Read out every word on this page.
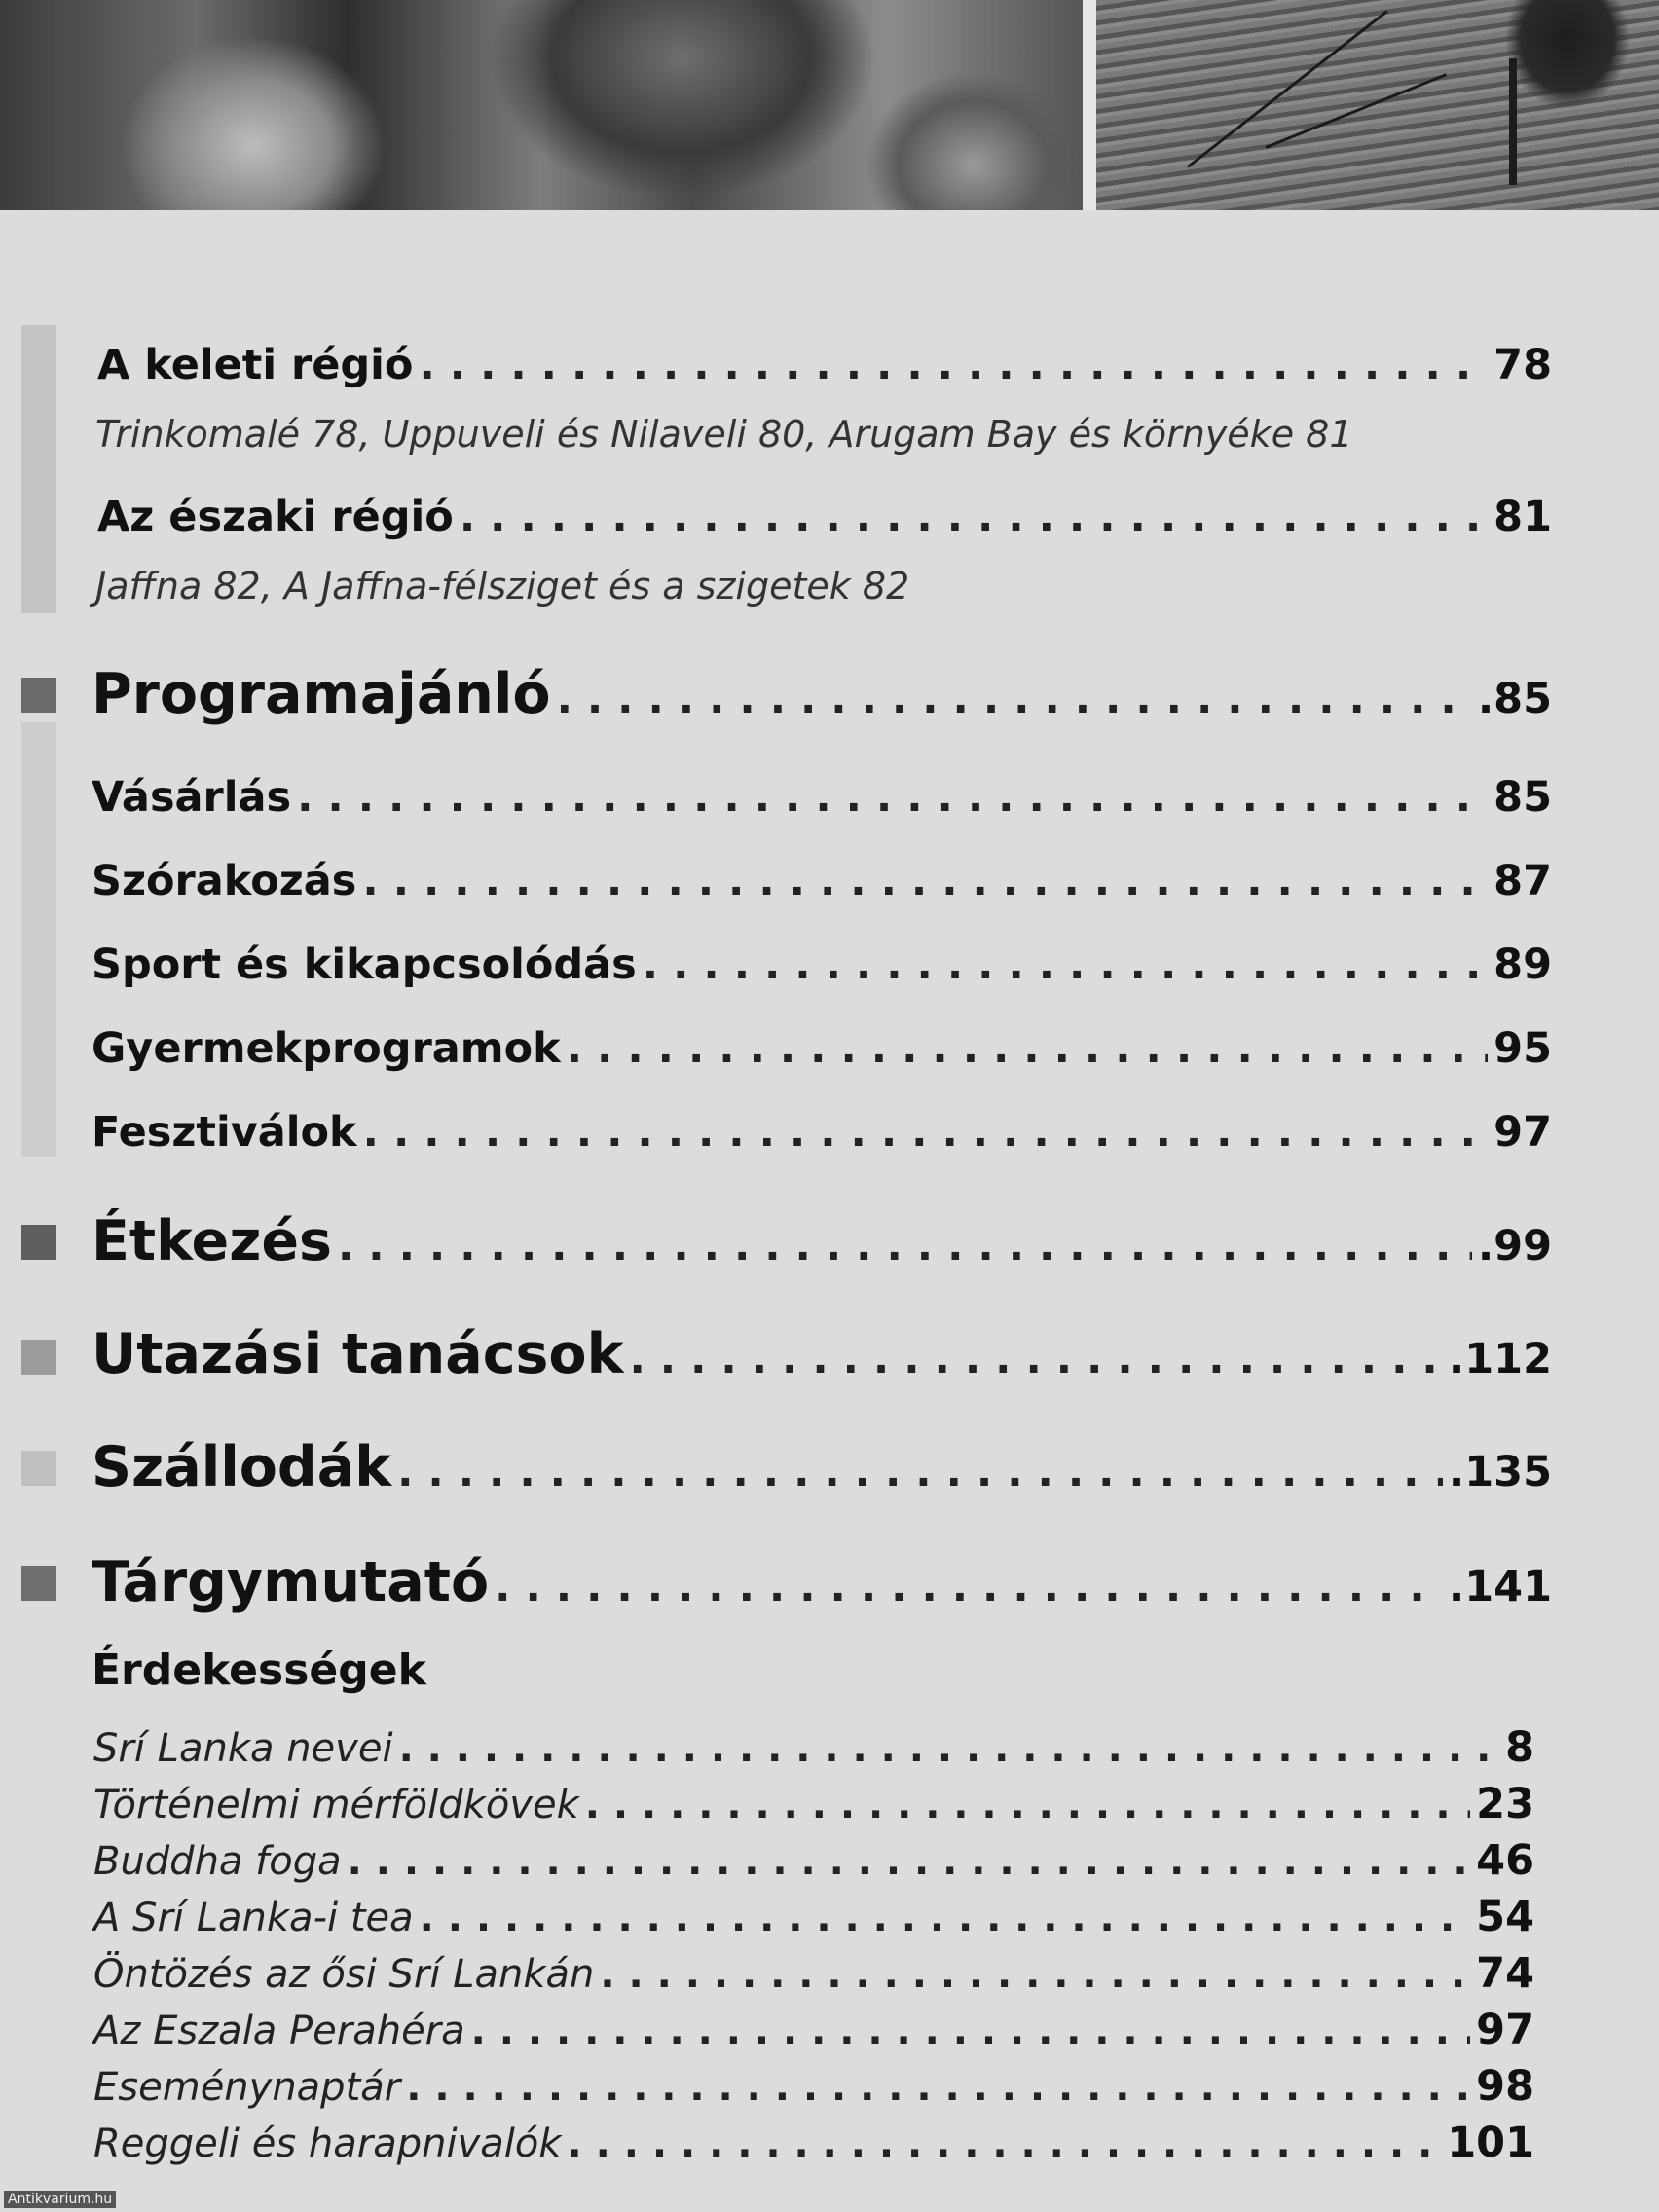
A keleti régió . . .	78
Trinkomalé 78, Uppuveli és Nilaveli 80, Arugam Bay és környéke 81
Az északi régió . . .	81
Jaffna 82, A Jaffna-félsziget és a szigetek 82
Programajánló . . .	.85
Vásárlás . . .	85
Szórakozás . . .	87
Sport és kikapcsolódás . . .	89
Gyermekprogramok . . .	95
Fesztiválok . . .	97
Étkezés . . .	.99
Utazási tanácsok . . .	.112
Szállodák . . .	.135
Tárgymutató . . .	.141
Érdekességek
Srí Lanka nevei . . .	8
Történelmi mérföldkövek . . .	23
Buddha foga . . .	46
A Srí Lanka-i tea . . .	54
Öntözés az ősi Srí Lankán . . .	74
Az Eszala Perahéra . . .	97
Eseménynaptár . . .	98
Reggeli és harapnivalók . . .	101
Antikvarium.hu
